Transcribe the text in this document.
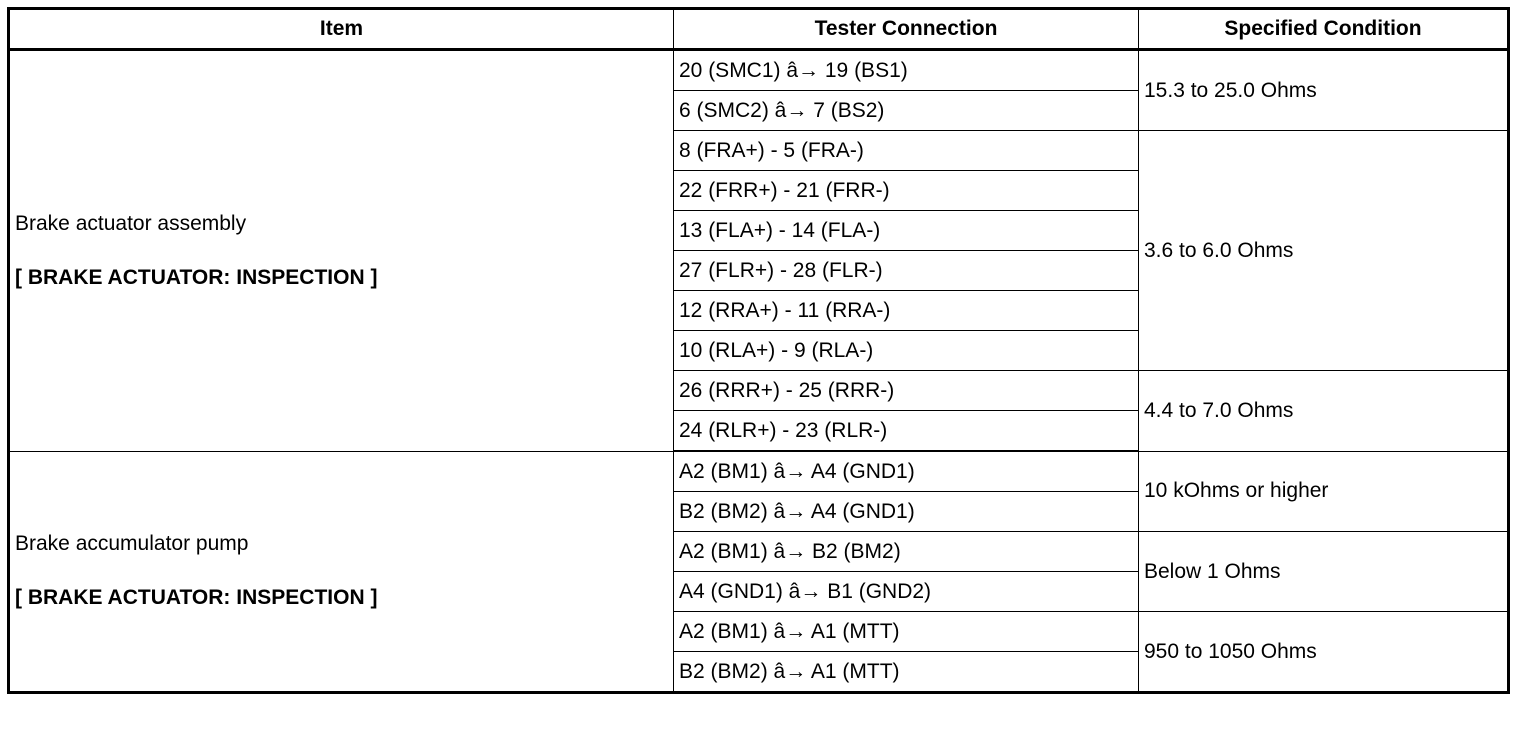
Item	Tester Connection	Specified Condition

Brake actuator assembly

[ BRAKE ACTUATOR: INSPECTION ]	20 (SMC1) â→ 19 (BS1)	15.3 to 25.0 Ohms
	6 (SMC2) â→ 7 (BS2)	
	8 (FRA+) - 5 (FRA-)	3.6 to 6.0 Ohms
	22 (FRR+) - 21 (FRR-)	
	13 (FLA+) - 14 (FLA-)	
	27 (FLR+) - 28 (FLR-)	
	12 (RRA+) - 11 (RRA-)	
	10 (RLA+) - 9 (RLA-)	
	26 (RRR+) - 25 (RRR-)	4.4 to 7.0 Ohms
	24 (RLR+) - 23 (RLR-)	

Brake accumulator pump

[ BRAKE ACTUATOR: INSPECTION ]	A2 (BM1) â→ A4 (GND1)	10 kOhms or higher
	B2 (BM2) â→ A4 (GND1)	
	A2 (BM1) â→ B2 (BM2)	Below 1 Ohms
	A4 (GND1) â→ B1 (GND2)	
	A2 (BM1) â→ A1 (MTT)	950 to 1050 Ohms
	B2 (BM2) â→ A1 (MTT)	
